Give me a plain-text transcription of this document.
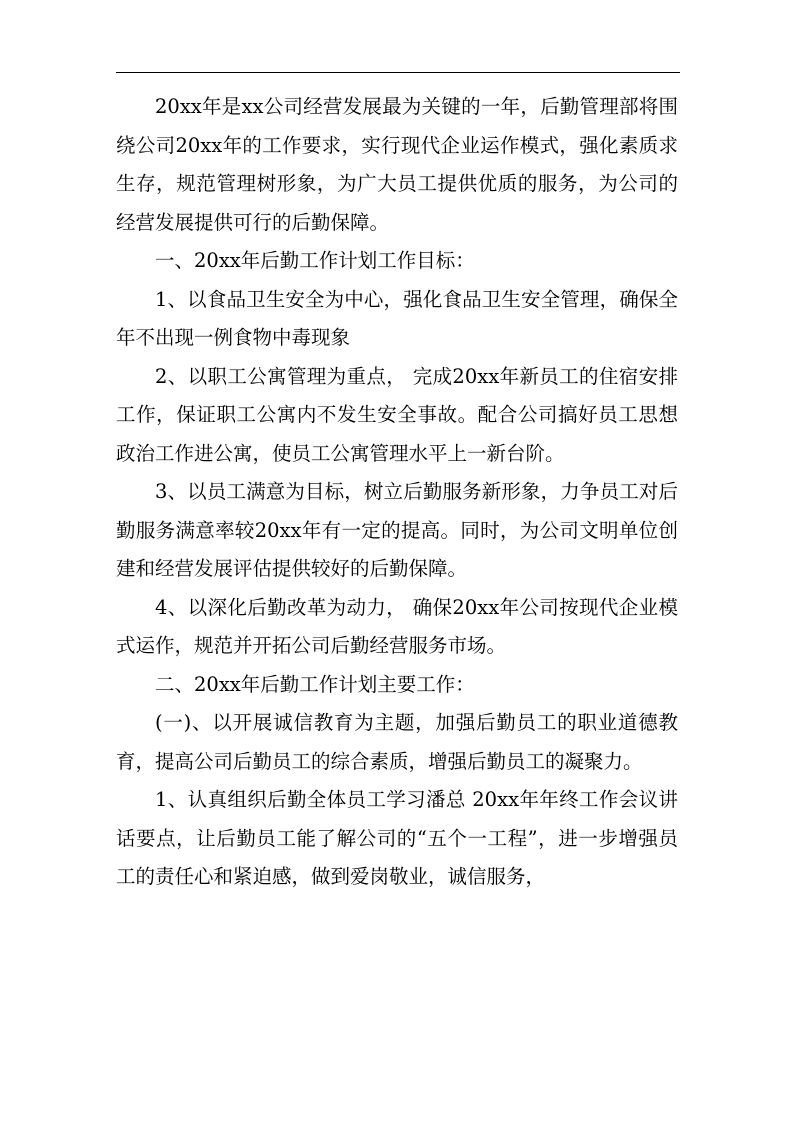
20xx年是xx公司经营发展最为关键的一年，后勤管理部将围绕公司20xx年的工作要求，实行现代企业运作模式，强化素质求生存，规范管理树形象，为广大员工提供优质的服务，为公司的经营发展提供可行的后勤保障。

一、20xx年后勤工作计划工作目标：

1、以食品卫生安全为中心，强化食品卫生安全管理，确保全年不出现一例食物中毒现象

2、以职工公寓管理为重点， 完成20xx年新员工的住宿安排工作，保证职工公寓内不发生安全事故。配合公司搞好员工思想政治工作进公寓，使员工公寓管理水平上一新台阶。

3、以员工满意为目标，树立后勤服务新形象，力争员工对后勤服务满意率较20xx年有一定的提高。同时，为公司文明单位创建和经营发展评估提供较好的后勤保障。

4、以深化后勤改革为动力， 确保20xx年公司按现代企业模式运作，规范并开拓公司后勤经营服务市场。

二、20xx年后勤工作计划主要工作：

(一)、以开展诚信教育为主题，加强后勤员工的职业道德教育，提高公司后勤员工的综合素质，增强后勤员工的凝聚力。

1、认真组织后勤全体员工学习潘总 20xx年年终工作会议讲话要点，让后勤员工能了解公司的“五个一工程”，进一步增强员工的责任心和紧迫感，做到爱岗敬业，诚信服务，
